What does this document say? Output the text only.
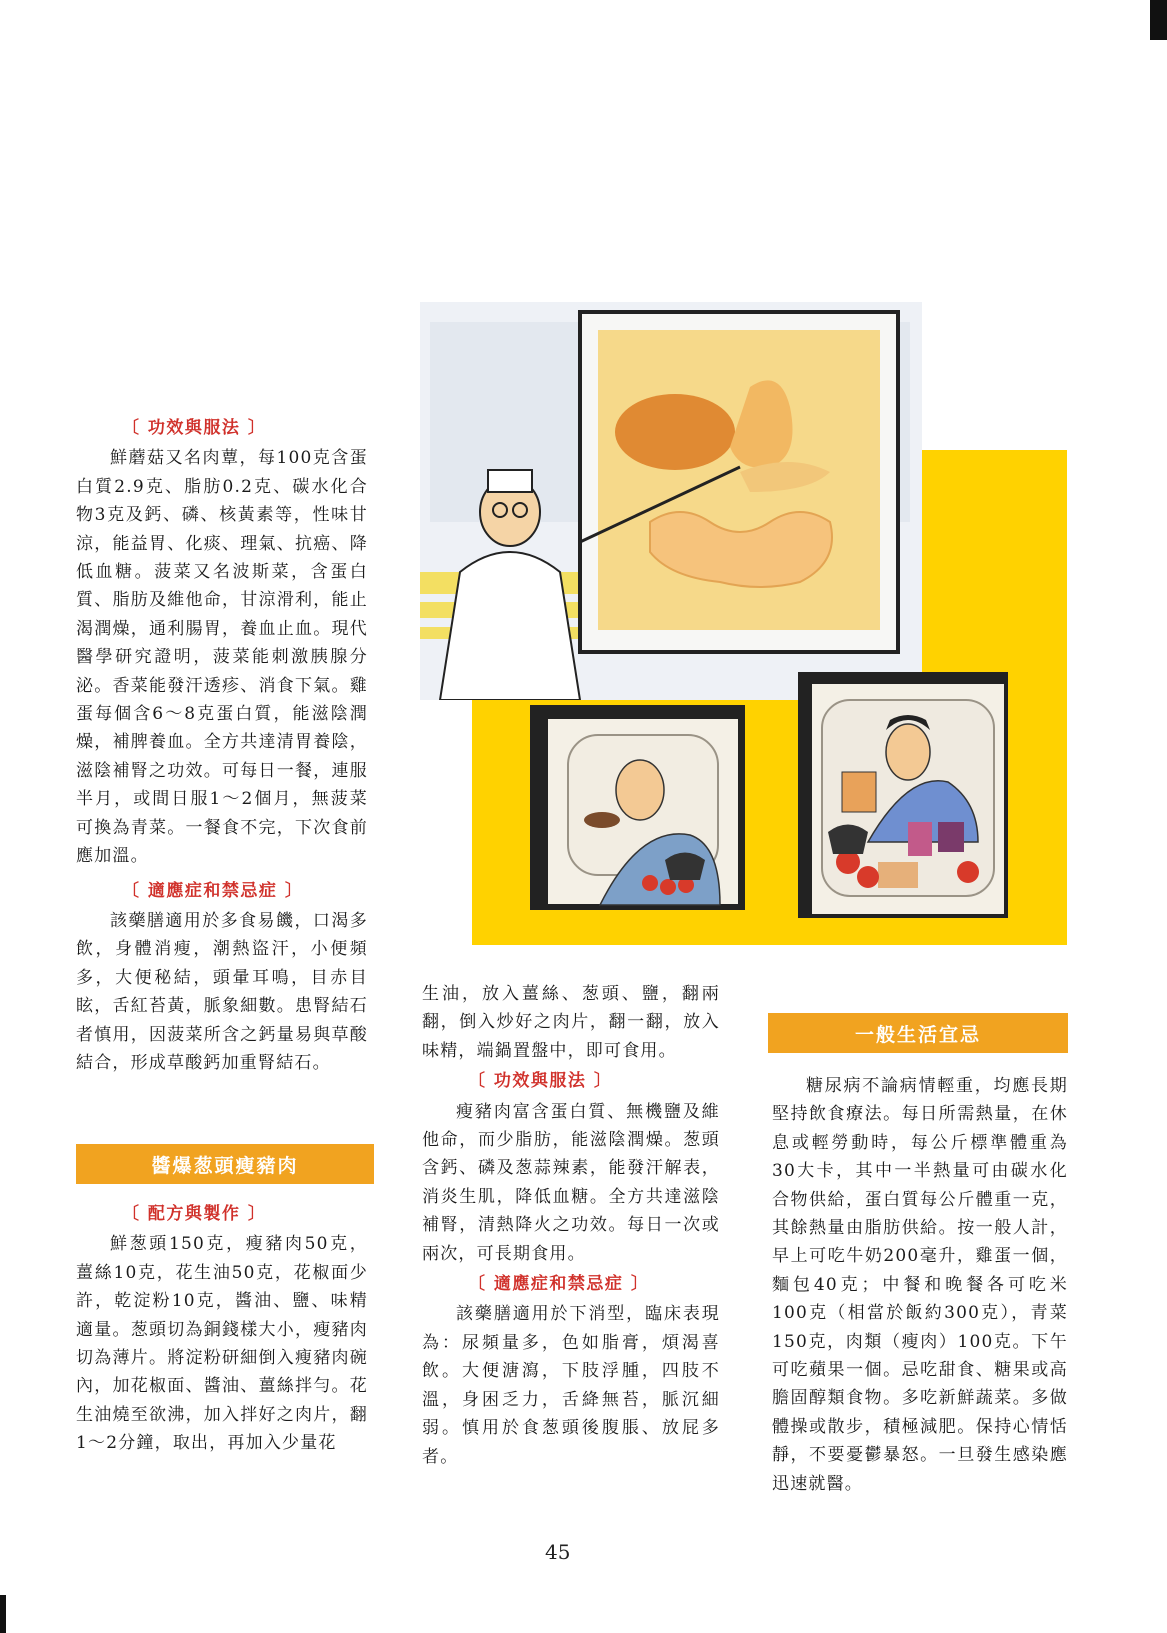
〔 功效與服法 〕

鮮蘑菇又名肉蕈，每100克含蛋白質2.9克、脂肪0.2克、碳水化合物3克及鈣、磷、核黃素等，性味甘涼，能益胃、化痰、理氣、抗癌、降低血糖。菠菜又名波斯菜，含蛋白質、脂肪及維他命，甘涼滑利，能止渴潤燥，通利腸胃，養血止血。現代醫學研究證明，菠菜能刺激胰腺分泌。香菜能發汗透疹、消食下氣。雞蛋每個含6～8克蛋白質，能滋陰潤燥，補脾養血。全方共達清胃養陰，滋陰補腎之功效。可每日一餐，連服半月，或間日服1～2個月，無菠菜可換為青菜。一餐食不完，下次食前應加溫。

〔 適應症和禁忌症 〕

該藥膳適用於多食易饑，口渴多飲，身體消瘦，潮熱盜汗，小便頻多，大便秘結，頭暈耳鳴，目赤目眩，舌紅苔黃，脈象細數。患腎結石者慎用，因菠菜所含之鈣量易與草酸結合，形成草酸鈣加重腎結石。

醬爆葱頭瘦豬肉
〔 配方與製作 〕

鮮葱頭150克，瘦豬肉50克，薑絲10克，花生油50克，花椒面少許，乾淀粉10克，醬油、鹽、味精適量。葱頭切為銅錢樣大小，瘦豬肉切為薄片。將淀粉研細倒入瘦豬肉碗內，加花椒面、醬油、薑絲拌勻。花生油燒至欲沸，加入拌好之肉片，翻1～2分鐘，取出，再加入少量花

生油，放入薑絲、葱頭、鹽，翻兩翻，倒入炒好之肉片，翻一翻，放入味精，端鍋置盤中，即可食用。

〔 功效與服法 〕

瘦豬肉富含蛋白質、無機鹽及維他命，而少脂肪，能滋陰潤燥。葱頭含鈣、磷及葱蒜辣素，能發汗解表，消炎生肌，降低血糖。全方共達滋陰補腎，清熱降火之功效。每日一次或兩次，可長期食用。

〔 適應症和禁忌症 〕

該藥膳適用於下消型，臨床表現為：尿頻量多，色如脂膏，煩渴喜飲。大便溏瀉，下肢浮腫，四肢不溫，身困乏力，舌絳無苔，脈沉細弱。慎用於食葱頭後腹脹、放屁多者。

一般生活宜忌

糖尿病不論病情輕重，均應長期堅持飲食療法。每日所需熱量，在休息或輕勞動時，每公斤標準體重為30大卡，其中一半熱量可由碳水化合物供給，蛋白質每公斤體重一克，其餘熱量由脂肪供給。按一般人計，早上可吃牛奶200毫升，雞蛋一個，麵包40克；中餐和晚餐各可吃米100克（相當於飯約300克），青菜150克，肉類（瘦肉）100克。下午可吃蘋果一個。忌吃甜食、糖果或高膽固醇類食物。多吃新鮮蔬菜。多做體操或散步，積極減肥。保持心情恬靜，不要憂鬱暴怒。一旦發生感染應迅速就醫。

45
